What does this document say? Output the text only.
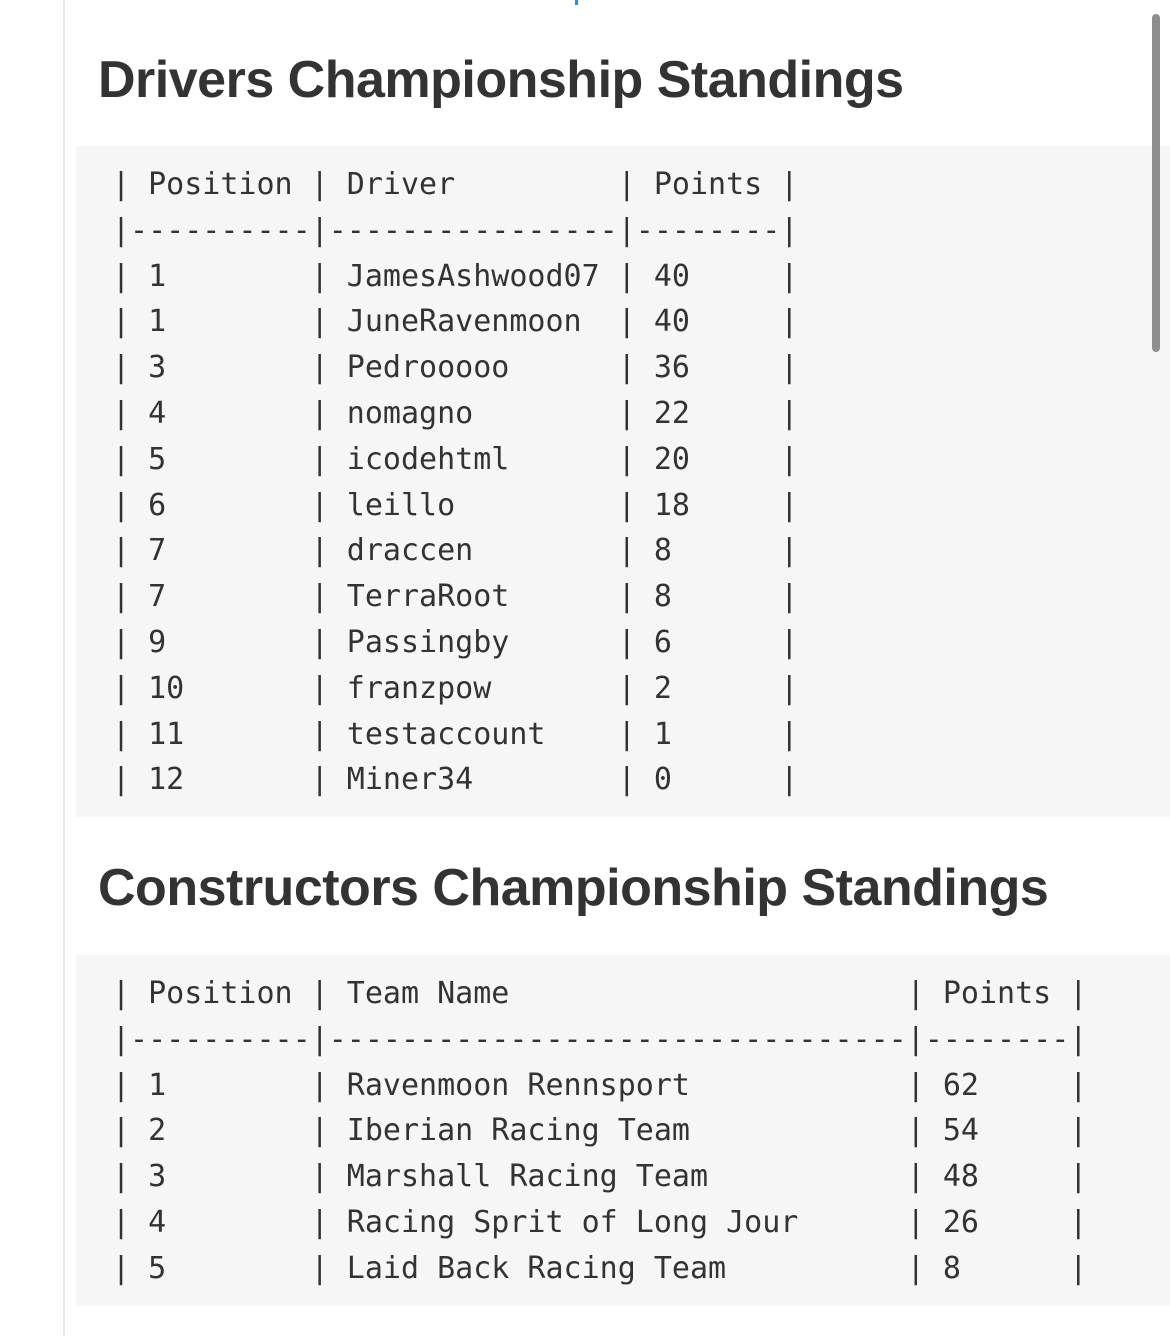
Drivers Championship Standings
| Position | Driver         | Points |
|----------|----------------|--------|
| 1        | JamesAshwood07 | 40     |
| 1        | JuneRavenmoon  | 40     |
| 3        | Pedrooooo      | 36     |
| 4        | nomagno        | 22     |
| 5        | icodehtml      | 20     |
| 6        | leillo         | 18     |
| 7        | draccen        | 8      |
| 7        | TerraRoot      | 8      |
| 9        | Passingby      | 6      |
| 10       | franzpow       | 2      |
| 11       | testaccount    | 1      |
| 12       | Miner34        | 0      |
Constructors Championship Standings
| Position | Team Name                      | Points |
|----------|--------------------------------|--------|
| 1        | Ravenmoon Rennsport            | 62     |
| 2        | Iberian Racing Team            | 54     |
| 3        | Marshall Racing Team           | 48     |
| 4        | Racing Sprit of Long Jour      | 26     |
| 5        | Laid Back Racing Team          | 8      |
